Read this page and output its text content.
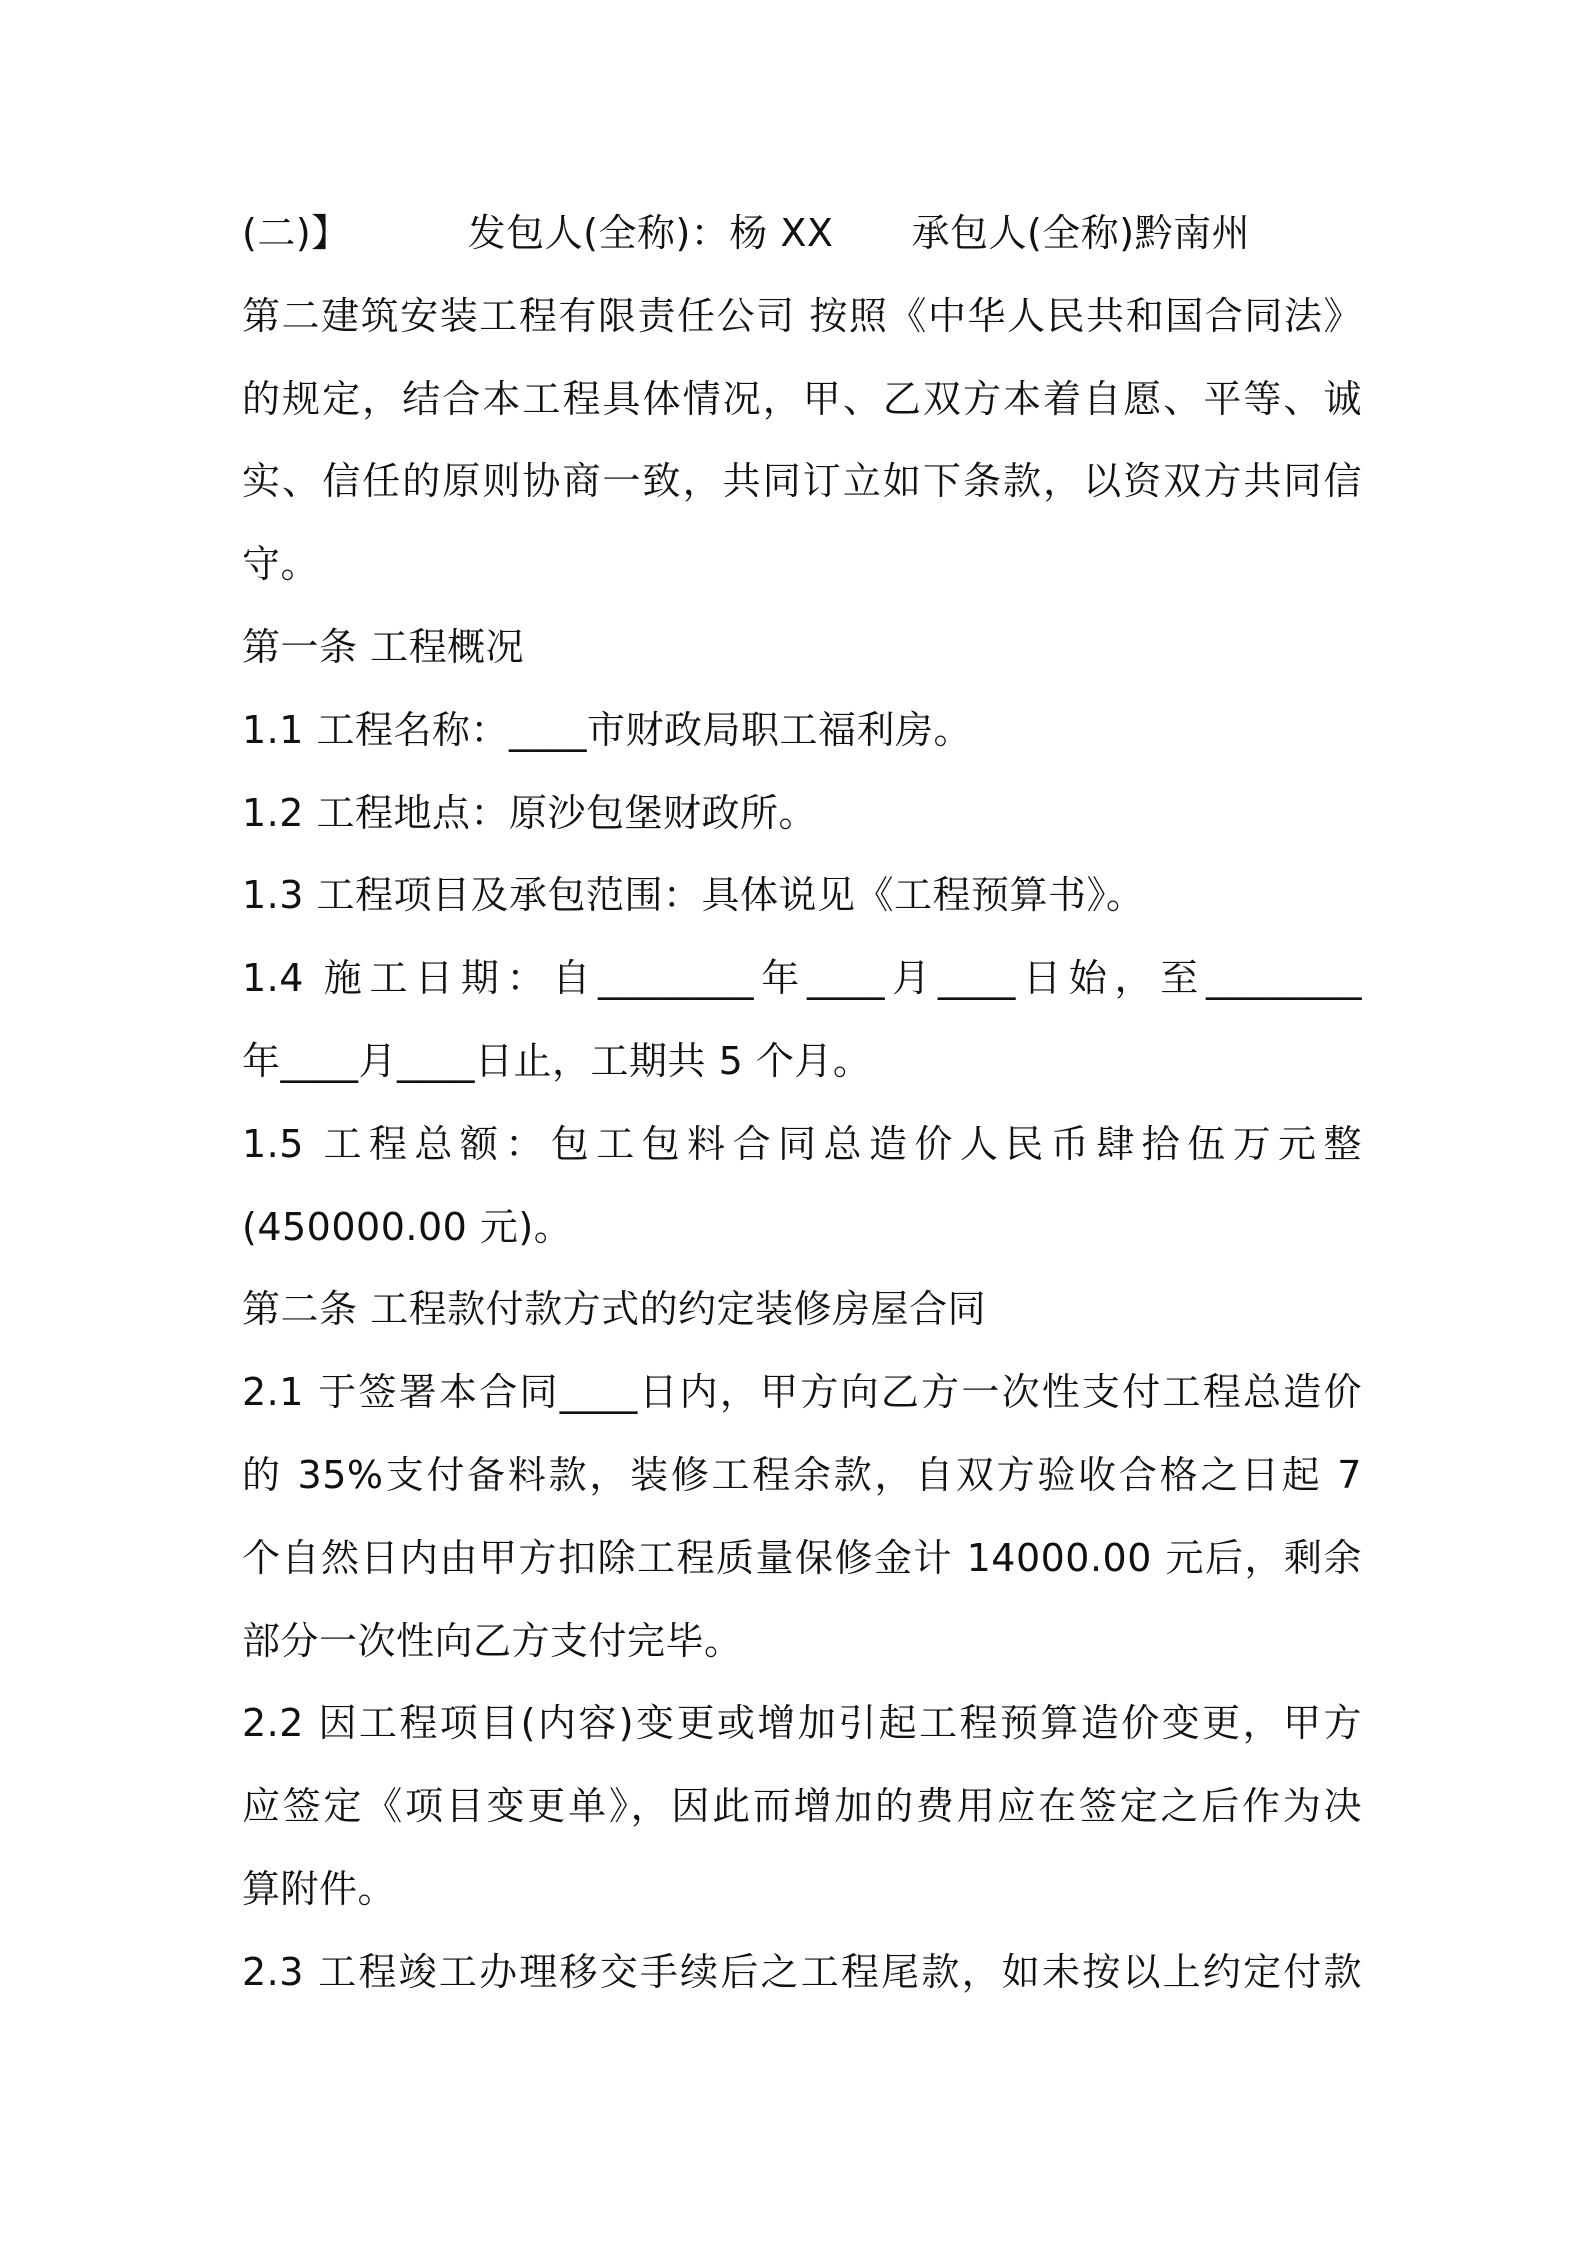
(二)】	发包人(全称)：杨 XX 承包人(全称)黔南州
第二建筑安装工程有限责任公司 按照《中华人民共和国合同法》
的规定，结合本工程具体情况，甲、乙双方本着自愿、平等、诚
实、信任的原则协商一致，共同订立如下条款，以资双方共同信
守。
第一条 工程概况
1.1 工程名称：____市财政局职工福利房。
1.2 工程地点：原沙包堡财政所。
1.3 工程项目及承包范围：具体说见《工程预算书》。
1.4 施工日期：自________年____月____日始，至________
年____月____日止，工期共 5 个月。
1.5 工程总额：包工包料合同总造价人民币肆拾伍万元整
(450000.00 元)。
第二条 工程款付款方式的约定装修房屋合同
2.1 于签署本合同____日内，甲方向乙方一次性支付工程总造价
的 35%支付备料款，装修工程余款，自双方验收合格之日起 7
个自然日内由甲方扣除工程质量保修金计 14000.00 元后，剩余
部分一次性向乙方支付完毕。
2.2 因工程项目(内容)变更或增加引起工程预算造价变更，甲方
应签定《项目变更单》，因此而增加的费用应在签定之后作为决
算附件。
2.3 工程竣工办理移交手续后之工程尾款，如未按以上约定付款
